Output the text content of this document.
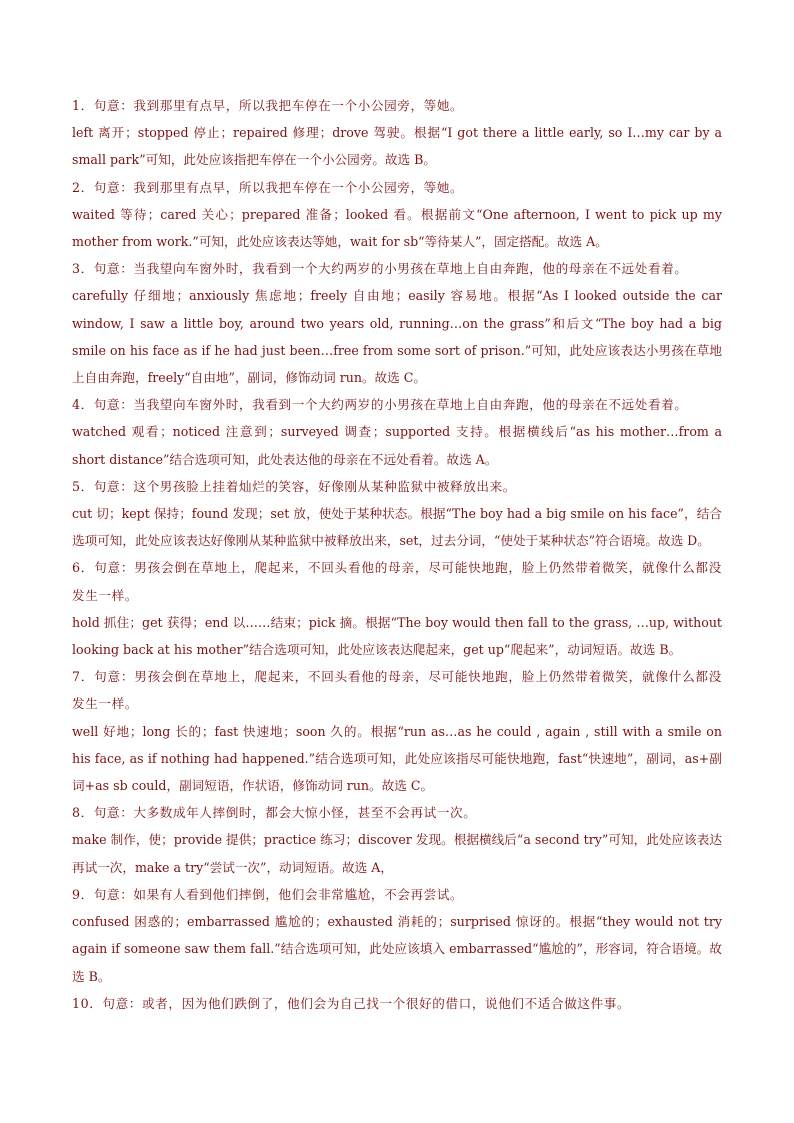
1．句意：我到那里有点早，所以我把车停在一个小公园旁，等她。
left 离开；stopped 停止；repaired 修理；drove 驾驶。根据“I got there a little early, so I…my car by a small park”可知，此处应该指把车停在一个小公园旁。故选 B。
2．句意：我到那里有点早，所以我把车停在一个小公园旁，等她。
waited 等待；cared 关心；prepared 准备；looked 看。根据前文“One afternoon, I went to pick up my mother from work.”可知，此处应该表达等她，wait for sb“等待某人”，固定搭配。故选 A。
3．句意：当我望向车窗外时，我看到一个大约两岁的小男孩在草地上自由奔跑，他的母亲在不远处看着。
carefully 仔细地；anxiously 焦虑地；freely 自由地；easily 容易地。根据“As I looked outside the car window, I saw a little boy, around two years old, running…on the grass”和后文“The boy had a big smile on his face as if he had just been…free from some sort of prison.”可知，此处应该表达小男孩在草地上自由奔跑，freely“自由地”，副词，修饰动词 run。故选 C。
4．句意：当我望向车窗外时，我看到一个大约两岁的小男孩在草地上自由奔跑，他的母亲在不远处看着。
watched 观看；noticed 注意到；surveyed 调查；supported 支持。根据横线后“as his mother…from a short distance”结合选项可知，此处表达他的母亲在不远处看着。故选 A。
5．句意：这个男孩脸上挂着灿烂的笑容，好像刚从某种监狱中被释放出来。
cut 切；kept 保持；found 发现；set 放，使处于某种状态。根据“The boy had a big smile on his face”，结合选项可知，此处应该表达好像刚从某种监狱中被释放出来，set，过去分词，“使处于某种状态”符合语境。故选 D。
6．句意：男孩会倒在草地上，爬起来，不回头看他的母亲，尽可能快地跑，脸上仍然带着微笑，就像什么都没发生一样。
hold 抓住；get 获得；end 以……结束；pick 摘。根据“The boy would then fall to the grass, …up, without looking back at his mother”结合选项可知，此处应该表达爬起来，get up“爬起来”，动词短语。故选 B。
7．句意：男孩会倒在草地上，爬起来，不回头看他的母亲，尽可能快地跑，脸上仍然带着微笑，就像什么都没发生一样。
well 好地；long 长的；fast 快速地；soon 久的。根据“run as…as he could , again , still with a smile on his face, as if nothing had happened.”结合选项可知，此处应该指尽可能快地跑，fast“快速地”，副词，as+副词+as sb could，副词短语，作状语，修饰动词 run。故选 C。
8．句意：大多数成年人摔倒时，都会大惊小怪，甚至不会再试一次。
make 制作，使；provide 提供；practice 练习；discover 发现。根据横线后“a second try”可知，此处应该表达再试一次，make a try“尝试一次”，动词短语。故选 A，
9．句意：如果有人看到他们摔倒，他们会非常尴尬，不会再尝试。
confused 困惑的；embarrassed 尴尬的；exhausted 消耗的；surprised 惊讶的。根据“they would not try again if someone saw them fall.”结合选项可知，此处应该填入 embarrassed“尴尬的”，形容词，符合语境。故选 B。
10．句意：或者，因为他们跌倒了，他们会为自己找一个很好的借口，说他们不适合做这件事。
